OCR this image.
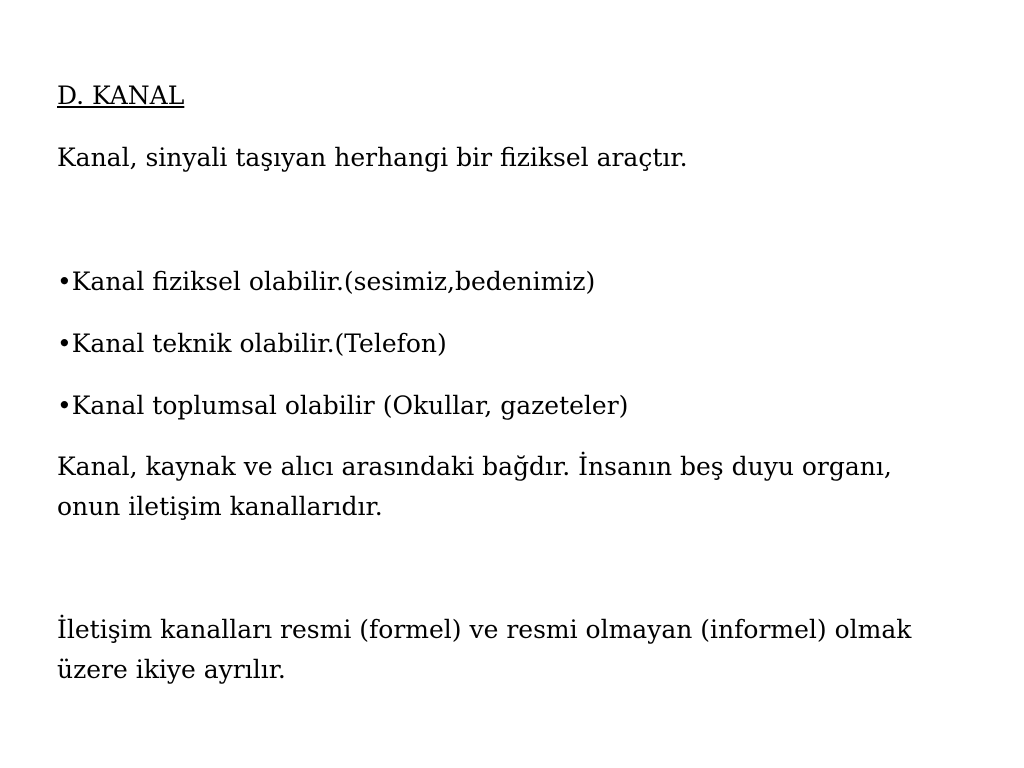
D. KANAL
Kanal, sinyali taşıyan herhangi bir fiziksel araçtır.
•Kanal fiziksel olabilir.(sesimiz,bedenimiz)
•Kanal teknik olabilir.(Telefon)
•Kanal toplumsal olabilir (Okullar, gazeteler)
Kanal, kaynak ve alıcı arasındaki bağdır. İnsanın beş duyu organı,
onun iletişim kanallarıdır.
İletişim kanalları resmi (formel) ve resmi olmayan (informel) olmak
üzere ikiye ayrılır.
